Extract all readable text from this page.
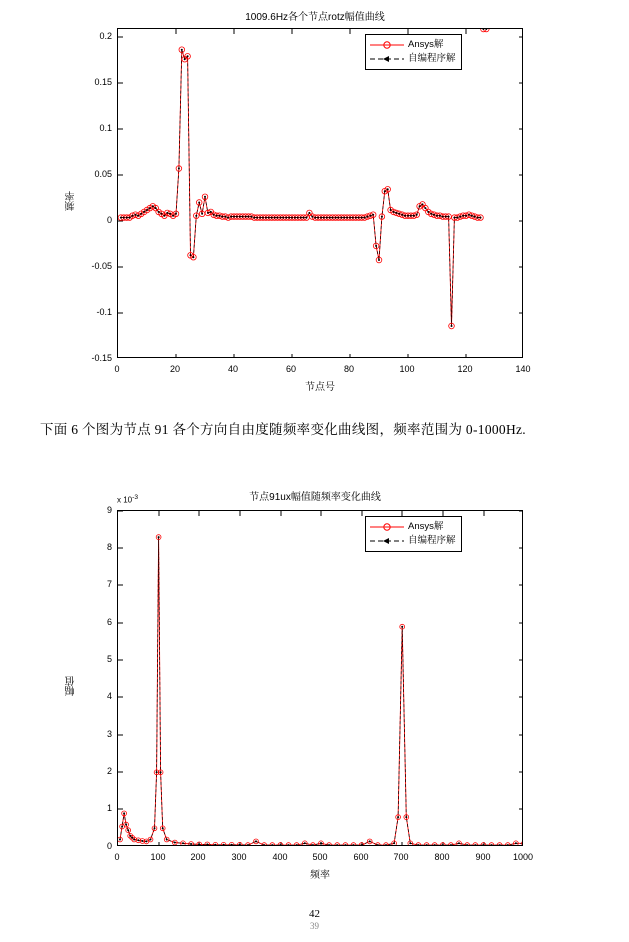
1009.6Hz各个节点rotz幅值曲线
频率
0.2
0.15
0.1
0.05
0
-0.05
-0.1
-0.15
0	20	40	60	80	100	120	140
节点号
Ansys解
自编程序解
下面 6 个图为节点 91 各个方向自由度随频率变化曲线图，频率范围为 0-1000Hz.
节点91ux幅值随频率变化曲线
x $10^{-3}$
幅值
9
8
7
6
5
4
3
2
1
0
0	100	200	300	400	500	600	700	800	900 1000
频率
Ansys解
自编程序解
42
39
